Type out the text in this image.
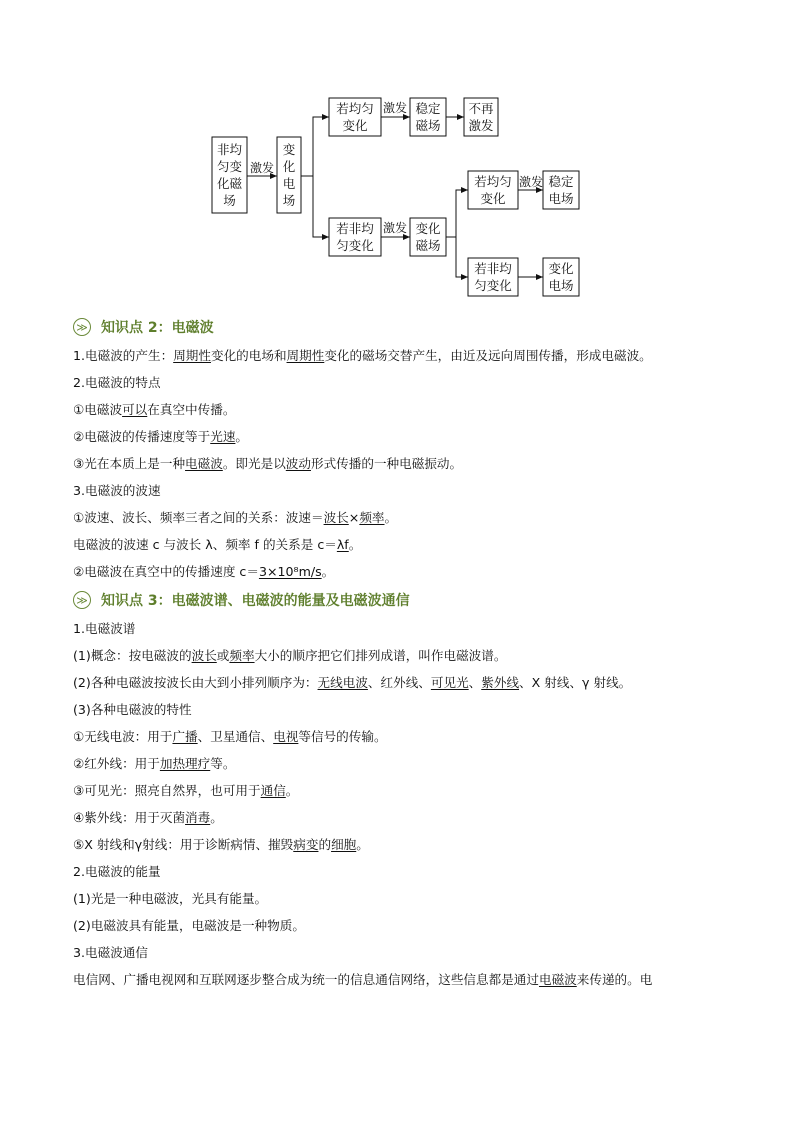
非均
匀变
化磁
场
变
化
电
场
若均匀
变化
稳定
磁场
不再
激发
若非均
匀变化
变化
磁场
若均匀
变化
稳定
电场
若非均
匀变化
变化
电场
激发
激发
激发
激发
≫ 知识点 2：电磁波
1.电磁波的产生：周期性变化的电场和周期性变化的磁场交替产生，由近及远向周围传播，形成电磁波。
2.电磁波的特点
①电磁波可以在真空中传播。
②电磁波的传播速度等于光速。
③光在本质上是一种电磁波。即光是以波动形式传播的一种电磁振动。
3.电磁波的波速
①波速、波长、频率三者之间的关系：波速＝波长×频率。
电磁波的波速 c 与波长 λ、频率 f 的关系是 c＝λf。
②电磁波在真空中的传播速度 c＝3×10⁸m/s。
≫ 知识点 3：电磁波谱、电磁波的能量及电磁波通信
1.电磁波谱
(1)概念：按电磁波的波长或频率大小的顺序把它们排列成谱，叫作电磁波谱。
(2)各种电磁波按波长由大到小排列顺序为：无线电波、红外线、可见光、紫外线、X 射线、γ 射线。
(3)各种电磁波的特性
①无线电波：用于广播、卫星通信、电视等信号的传输。
②红外线：用于加热理疗等。
③可见光：照亮自然界，也可用于通信。
④紫外线：用于灭菌消毒。
⑤X 射线和γ射线：用于诊断病情、摧毁病变的细胞。
2.电磁波的能量
(1)光是一种电磁波，光具有能量。
(2)电磁波具有能量，电磁波是一种物质。
3.电磁波通信
电信网、广播电视网和互联网逐步整合成为统一的信息通信网络，这些信息都是通过电磁波来传递的。电
